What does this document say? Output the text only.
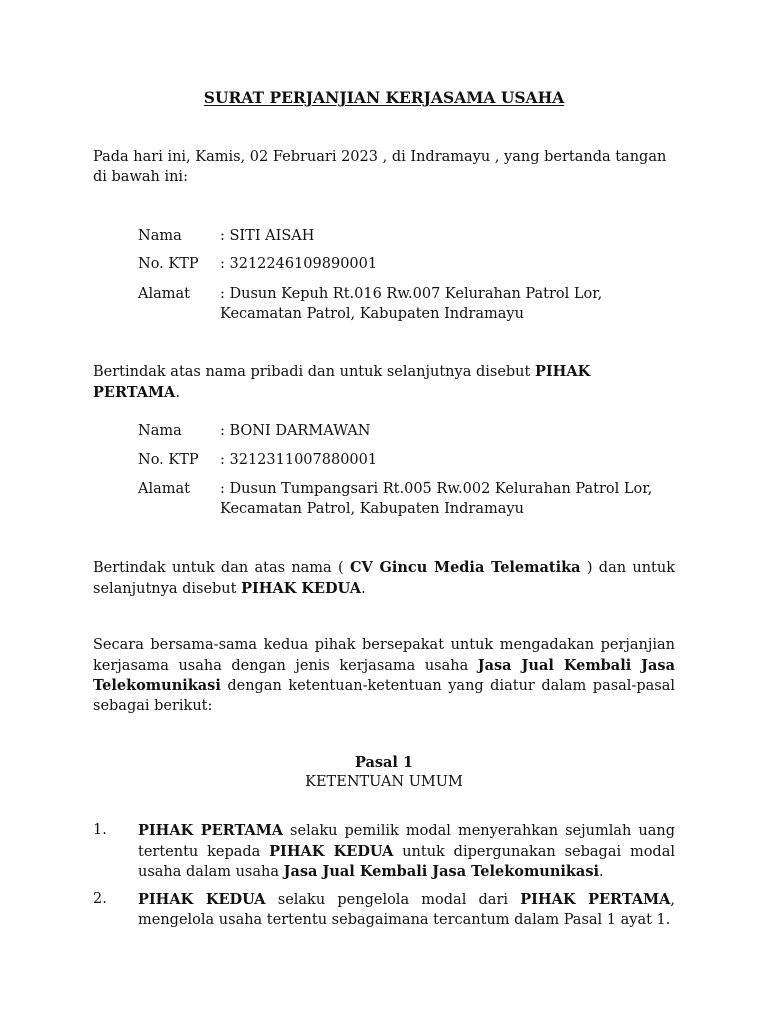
SURAT PERJANJIAN KERJASAMA USAHA

Pada hari ini, Kamis, 02 Februari 2023 , di Indramayu , yang bertanda tangan di bawah ini:

Nama	: SITI AISAH
No. KTP : 3212246109890001
Alamat : Dusun Kepuh Rt.016 Rw.007 Kelurahan Patrol Lor, Kecamatan Patrol, Kabupaten Indramayu

Bertindak atas nama pribadi dan untuk selanjutnya disebut PIHAK PERTAMA.

Nama	: BONI DARMAWAN
No. KTP : 3212311007880001
Alamat : Dusun Tumpangsari Rt.005 Rw.002 Kelurahan Patrol Lor, Kecamatan Patrol, Kabupaten Indramayu

Bertindak untuk dan atas nama ( CV Gincu Media Telematika ) dan untuk selanjutnya disebut PIHAK KEDUA.

Secara bersama-sama kedua pihak bersepakat untuk mengadakan perjanjian kerjasama usaha dengan jenis kerjasama usaha Jasa Jual Kembali Jasa Telekomunikasi dengan ketentuan-ketentuan yang diatur dalam pasal-pasal sebagai berikut:

Pasal 1
KETENTUAN UMUM
1. PIHAK PERTAMA selaku pemilik modal menyerahkan sejumlah uang tertentu kepada PIHAK KEDUA untuk dipergunakan sebagai modal usaha dalam usaha Jasa Jual Kembali Jasa Telekomunikasi.
2. PIHAK KEDUA selaku pengelola modal dari PIHAK PERTAMA, mengelola usaha tertentu sebagaimana tercantum dalam Pasal 1 ayat 1.
